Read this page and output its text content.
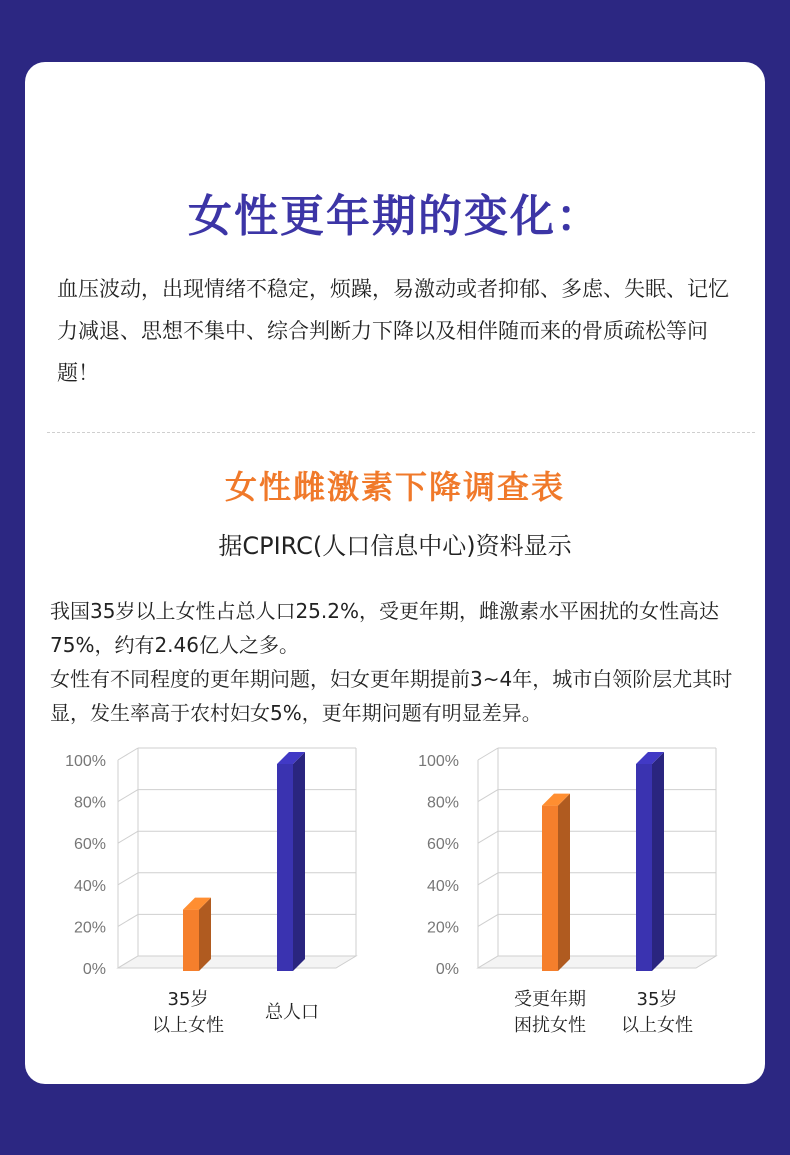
女性更年期的变化：

血压波动，出现情绪不稳定，烦躁，易激动或者抑郁、多虑、失眠、记忆力减退、思想不集中、综合判断力下降以及相伴随而来的骨质疏松等问题！

女性雌激素下降调查表

据CPIRC(人口信息中心)资料显示

我国35岁以上女性占总人口25.2%，受更年期，雌激素水平困扰的女性高达75%，约有2.46亿人之多。

女性有不同程度的更年期问题，妇女更年期提前3~4年，城市白领阶层尤其时显，发生率高于农村妇女5%，更年期问题有明显差异。

0%
20%
40%
60%
80%
100%
35岁
以上女性
总人口
0%
20%
40%
60%
80%
100%
受更年期
困扰女性
35岁
以上女性
